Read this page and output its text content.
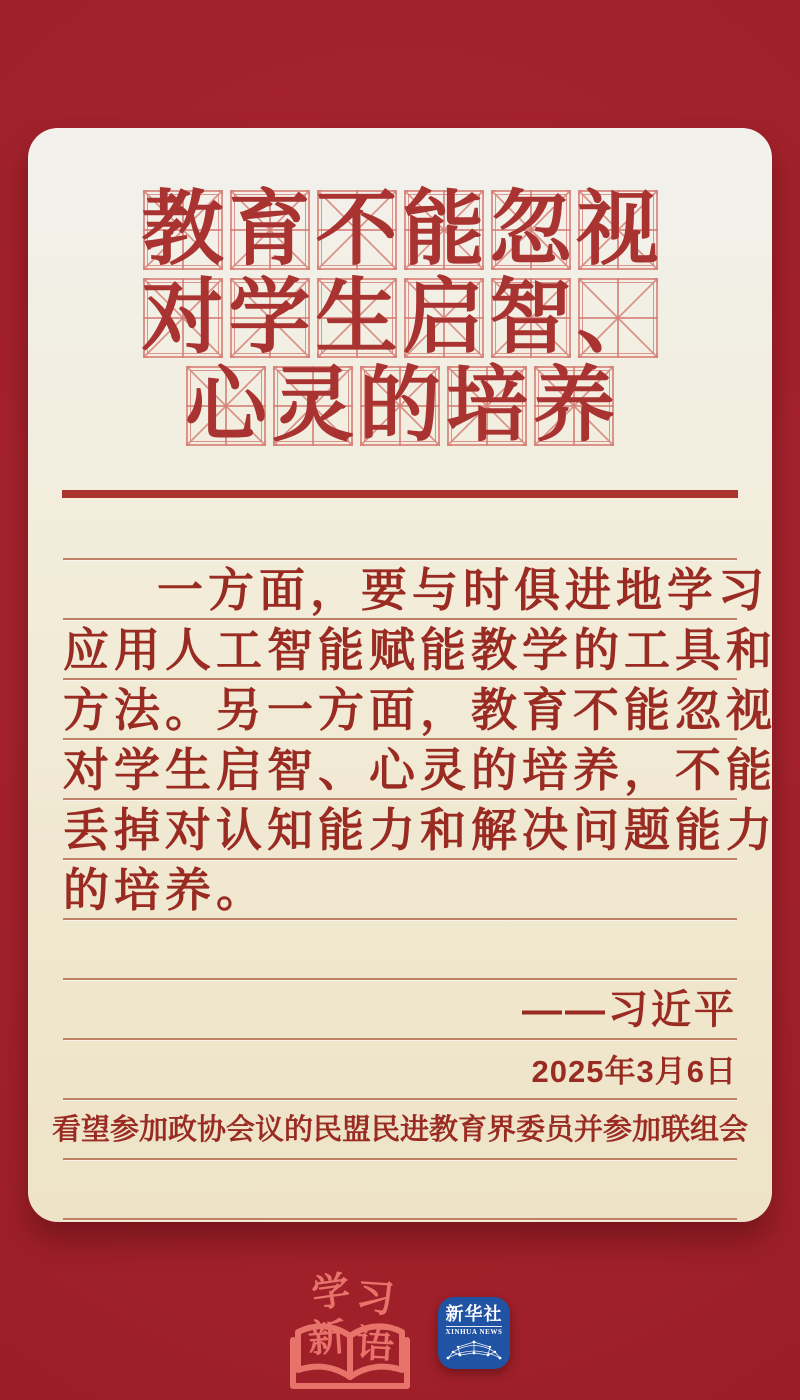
教 育 不 能 忽 视
对 学 生 启 智 、
心 灵 的 培 养
一方面，要与时俱进地学习
应用人工智能赋能教学的工具和
方法。另一方面，教育不能忽视
对学生启智、心灵的培养，不能
丢掉对认知能力和解决问题能力
的培养。
——习近平
2025年3月6日
看望参加政协会议的民盟民进教育界委员并参加联组会
学 习
新 语
新华社
XINHUA NEWS
